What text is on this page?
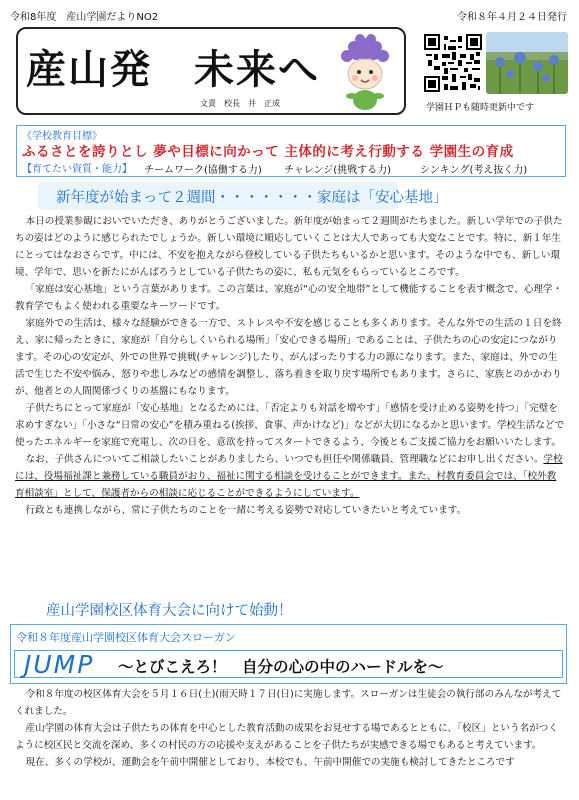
令和8年度　産山学園だよりNO2	令和８年４月２４日発行
産山発　未来へ
文責　校長　井　正成	学園ＨＰも随時更新中です
《学校教育目標》
ふるさとを誇りとし 夢や目標に向かって 主体的に考え行動する 学園生の育成
【育てたい資質・能力】 チームワーク(協働する力) チャレンジ(挑戦する力)	シンキング(考え抜く力)
新年度が始まって２週間・・・・・・・家庭は「安心基地」

本日の授業参観においでいただき、ありがとうございました。新年度が始まって２週間がたちました。新しい学年での子供たちの姿はどのように感じられたでしょうか。新しい環境に順応していくことは大人であっても大変なことです。特に、新１年生にとってはなおさらです。中には、不安を抱えながら登校している子供たちもいるかと思います。そのような中でも、新しい環境、学年で、思いを新たにがんばろうとしている子供たちの姿に、私も元気をもらっているところです。

「家庭は安心基地」という言葉があります。この言葉は、家庭が“心の安全地帯”として機能することを表す概念で、心理学・教育学でもよく使われる重要なキーワードです。

家庭外での生活は、様々な経験ができる一方で、ストレスや不安を感じることも多くあります。そんな外での生活の１日を終え、家に帰ったときに、家庭が「自分らしくいられる場所」「安心できる場所」であることは、子供たちの心の安定につながります。その心の安定が、外での世界で挑戦(チャレンジ)したり、がんばったりする力の源になります。また、家庭は、外での生活で生じた不安や悩み、怒りや悲しみなどの感情を調整し、落ち着きを取り戻す場所でもあります。さらに、家族とのかかわりが、他者との人間関係づくりの基盤にもなります。

子供たちにとって家庭が「安心基地」となるためには、「否定よりも対話を増やす」「感情を受け止める姿勢を持つ」「完璧を求めすぎない」「小さな“日常の安心”を積み重ねる(挨拶、食事、声かけなど)」などが大切になるかと思います。学校生活などで使ったエネルギーを家庭で充電し、次の日を、意欲を持ってスタートできるよう、今後ともご支援ご協力をお願いいたします。

なお、子供さんについてご相談したいことがありましたら、いつでも担任や関係職員、管理職などにお申し出ください。学校には、役場福祉課と兼務している職員がおり、福祉に関する相談を受けることができます。また、村教育委員会では、「校外教育相談室」として、保護者からの相談に応じることができるようにしています。

行政とも連携しながら、常に子供たちのことを一緒に考える姿勢で対応していきたいと考えています。

産山学園校区体育大会に向けて始動！
令和８年度産山学園校区体育大会スローガン
JUMP ～とびこえろ！　自分の心の中のハードルを～

令和８年度の校区体育大会を５月１６日(土)(雨天時１７日(日)に実施します。スローガンは生徒会の執行部のみんなが考えてくれました。

産山学園の体育大会は子供たちの体育を中心とした教育活動の成果をお見せする場であるとともに、「校区」という名がつくように校区民と交流を深め、多くの村民の方の応援や支えがあることを子供たちが実感できる場でもあると考えています。

現在、多くの学校が、運動会を午前中開催としており、本校でも、午前中開催での実施も検討してきたところです
